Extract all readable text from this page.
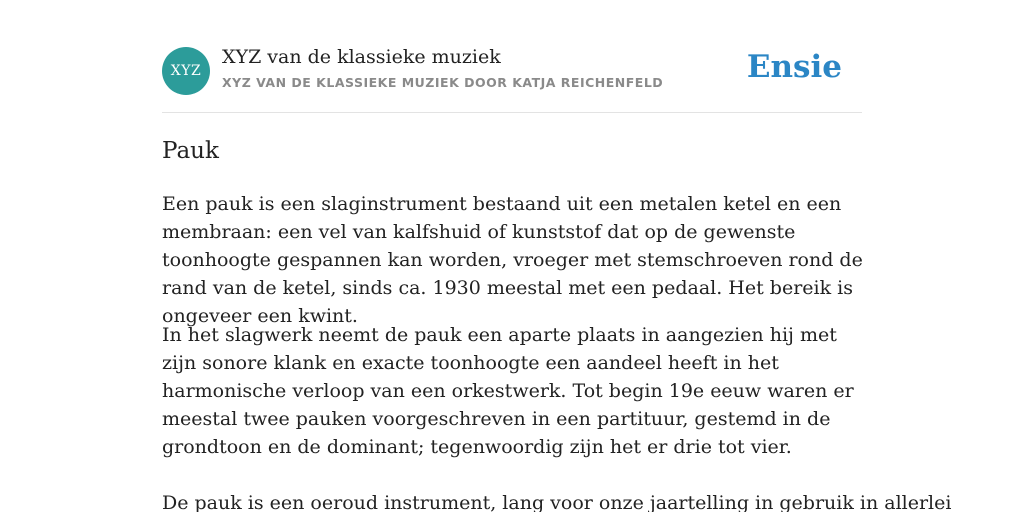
XYZ
XYZ van de klassieke muziek
XYZ VAN DE KLASSIEKE MUZIEK DOOR KATJA REICHENFELD	Ensie
Pauk

Een pauk is een slaginstrument bestaand uit een metalen ketel en een membraan: een vel van kalfshuid of kunststof dat op de gewenste toonhoogte gespannen kan worden, vroeger met stemschroeven rond de rand van de ketel, sinds ca. 1930 meestal met een pedaal. Het bereik is ongeveer een kwint.

In het slagwerk neemt de pauk een aparte plaats in aangezien hij met zijn sonore klank en exacte toonhoogte een aandeel heeft in het harmonische verloop van een orkestwerk. Tot begin 19e eeuw waren er meestal twee pauken voorgeschreven in een partituur, gestemd in de grondtoon en de dominant; tegenwoordig zijn het er drie tot vier.

De pauk is een oeroud instrument, lang voor onze jaartelling in gebruik in allerlei
